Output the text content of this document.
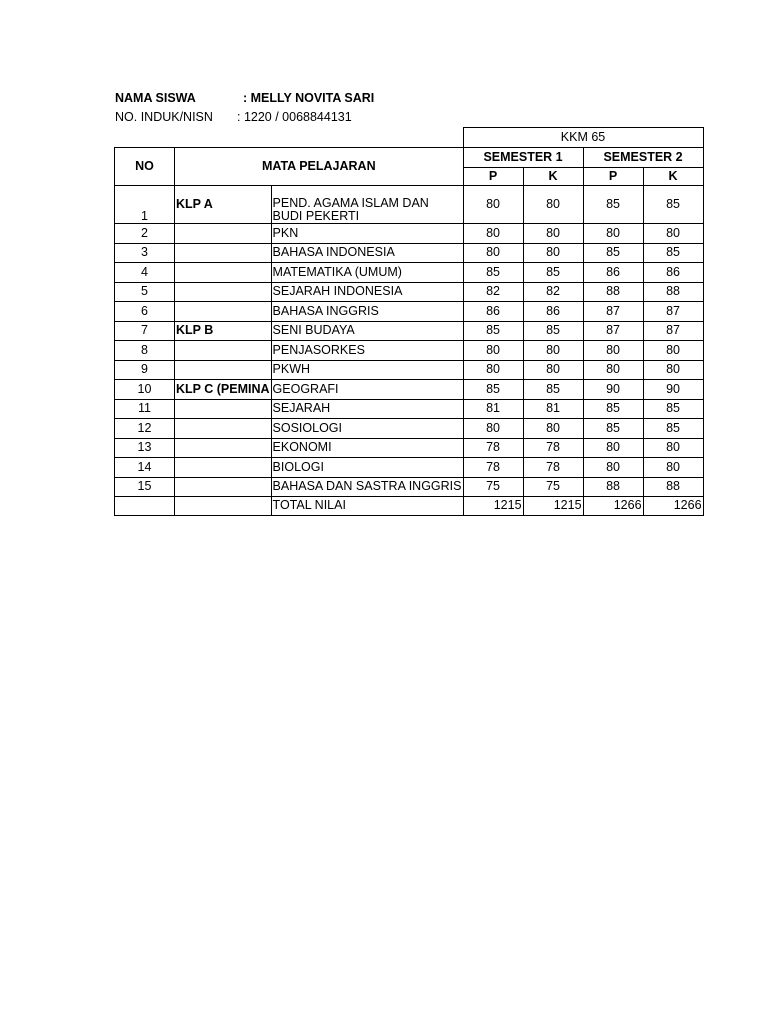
NAMA SISWA	: MELLY NOVITA SARI
NO. INDUK/NISN : 1220 / 0068844131
			KKM 65			
NO	MATA PELAJARAN		SEMESTER 1		SEMESTER 2	
			P	K	P	K
1	KLP A	PEND. AGAMA ISLAM DAN BUDI PEKERTI	80	80	85	85
2		PKN	80	80	80	80
3		BAHASA INDONESIA	80	80	85	85
4		MATEMATIKA (UMUM)	85	85	86	86
5		SEJARAH INDONESIA	82	82	88	88
6		BAHASA INGGRIS	86	86	87	87
7	KLP B	SENI BUDAYA	85	85	87	87
8		PENJASORKES	80	80	80	80
9		PKWH	80	80	80	80
10	KLP C (PEMINA	GEOGRAFI	85	85	90	90
11		SEJARAH	81	81	85	85
12		SOSIOLOGI	80	80	85	85
13		EKONOMI	78	78	80	80
14		BIOLOGI	78	78	80	80
15		BAHASA DAN SASTRA INGGRIS	75	75	88	88
		TOTAL NILAI	1215	1215	1266	1266
